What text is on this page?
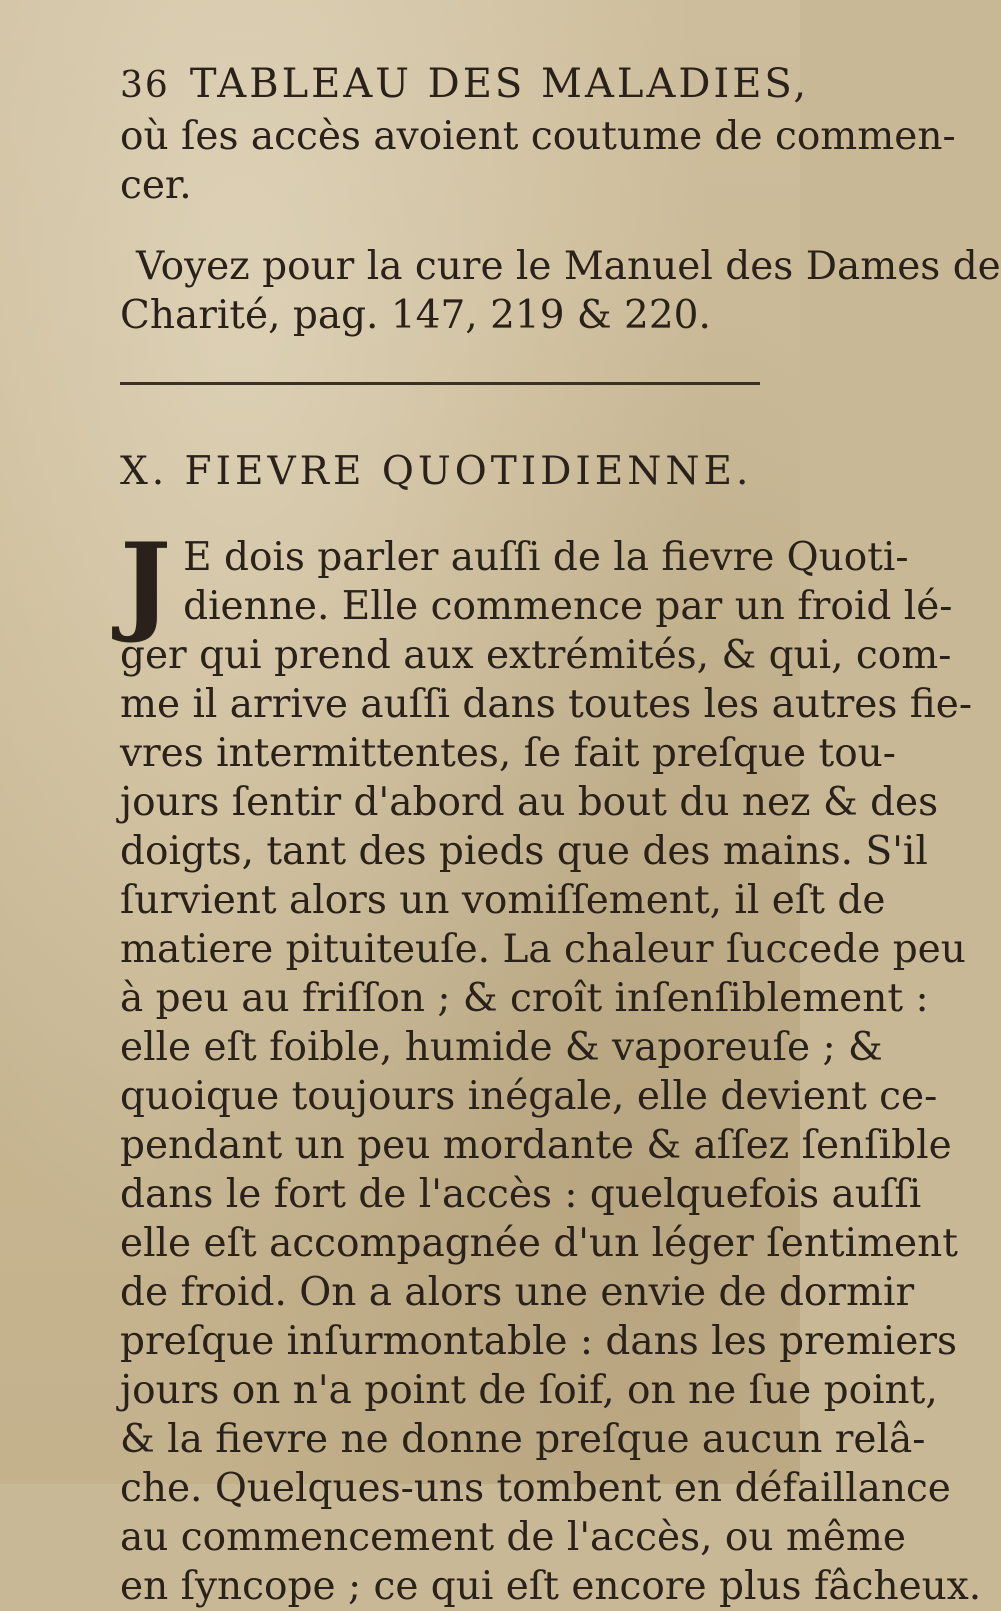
36 TABLEAU DES MALADIES,

où ſes accès avoient coutume de commen-
cer.

Voyez pour la cure le Manuel des Dames de
Charité, pag. 147, 219 & 220.

X. FIEVRE QUOTIDIENNE.
J E dois parler auſſi de la fievre Quoti-
dienne. Elle commence par un froid lé-
ger qui prend aux extrémités, & qui, com-
me il arrive auſſi dans toutes les autres fie-
vres intermittentes, ſe fait preſque tou-
jours ſentir d'abord au bout du nez & des
doigts, tant des pieds que des mains. S'il
ſurvient alors un vomiſſement, il eſt de
matiere pituiteuſe. La chaleur ſuccede peu
à peu au friſſon ; & croît inſenſiblement :
elle eſt foible, humide & vaporeuſe ; &
quoique toujours inégale, elle devient ce-
pendant un peu mordante & aſſez ſenſible
dans le fort de l'accès : quelquefois auſſi
elle eſt accompagnée d'un léger ſentiment
de froid. On a alors une envie de dormir
preſque inſurmontable : dans les premiers
jours on n'a point de ſoif, on ne ſue point,
& la fievre ne donne preſque aucun relâ-
che. Quelques-uns tombent en défaillance
au commencement de l'accès, ou même
en ſyncope ; ce qui eſt encore plus fâcheux.
